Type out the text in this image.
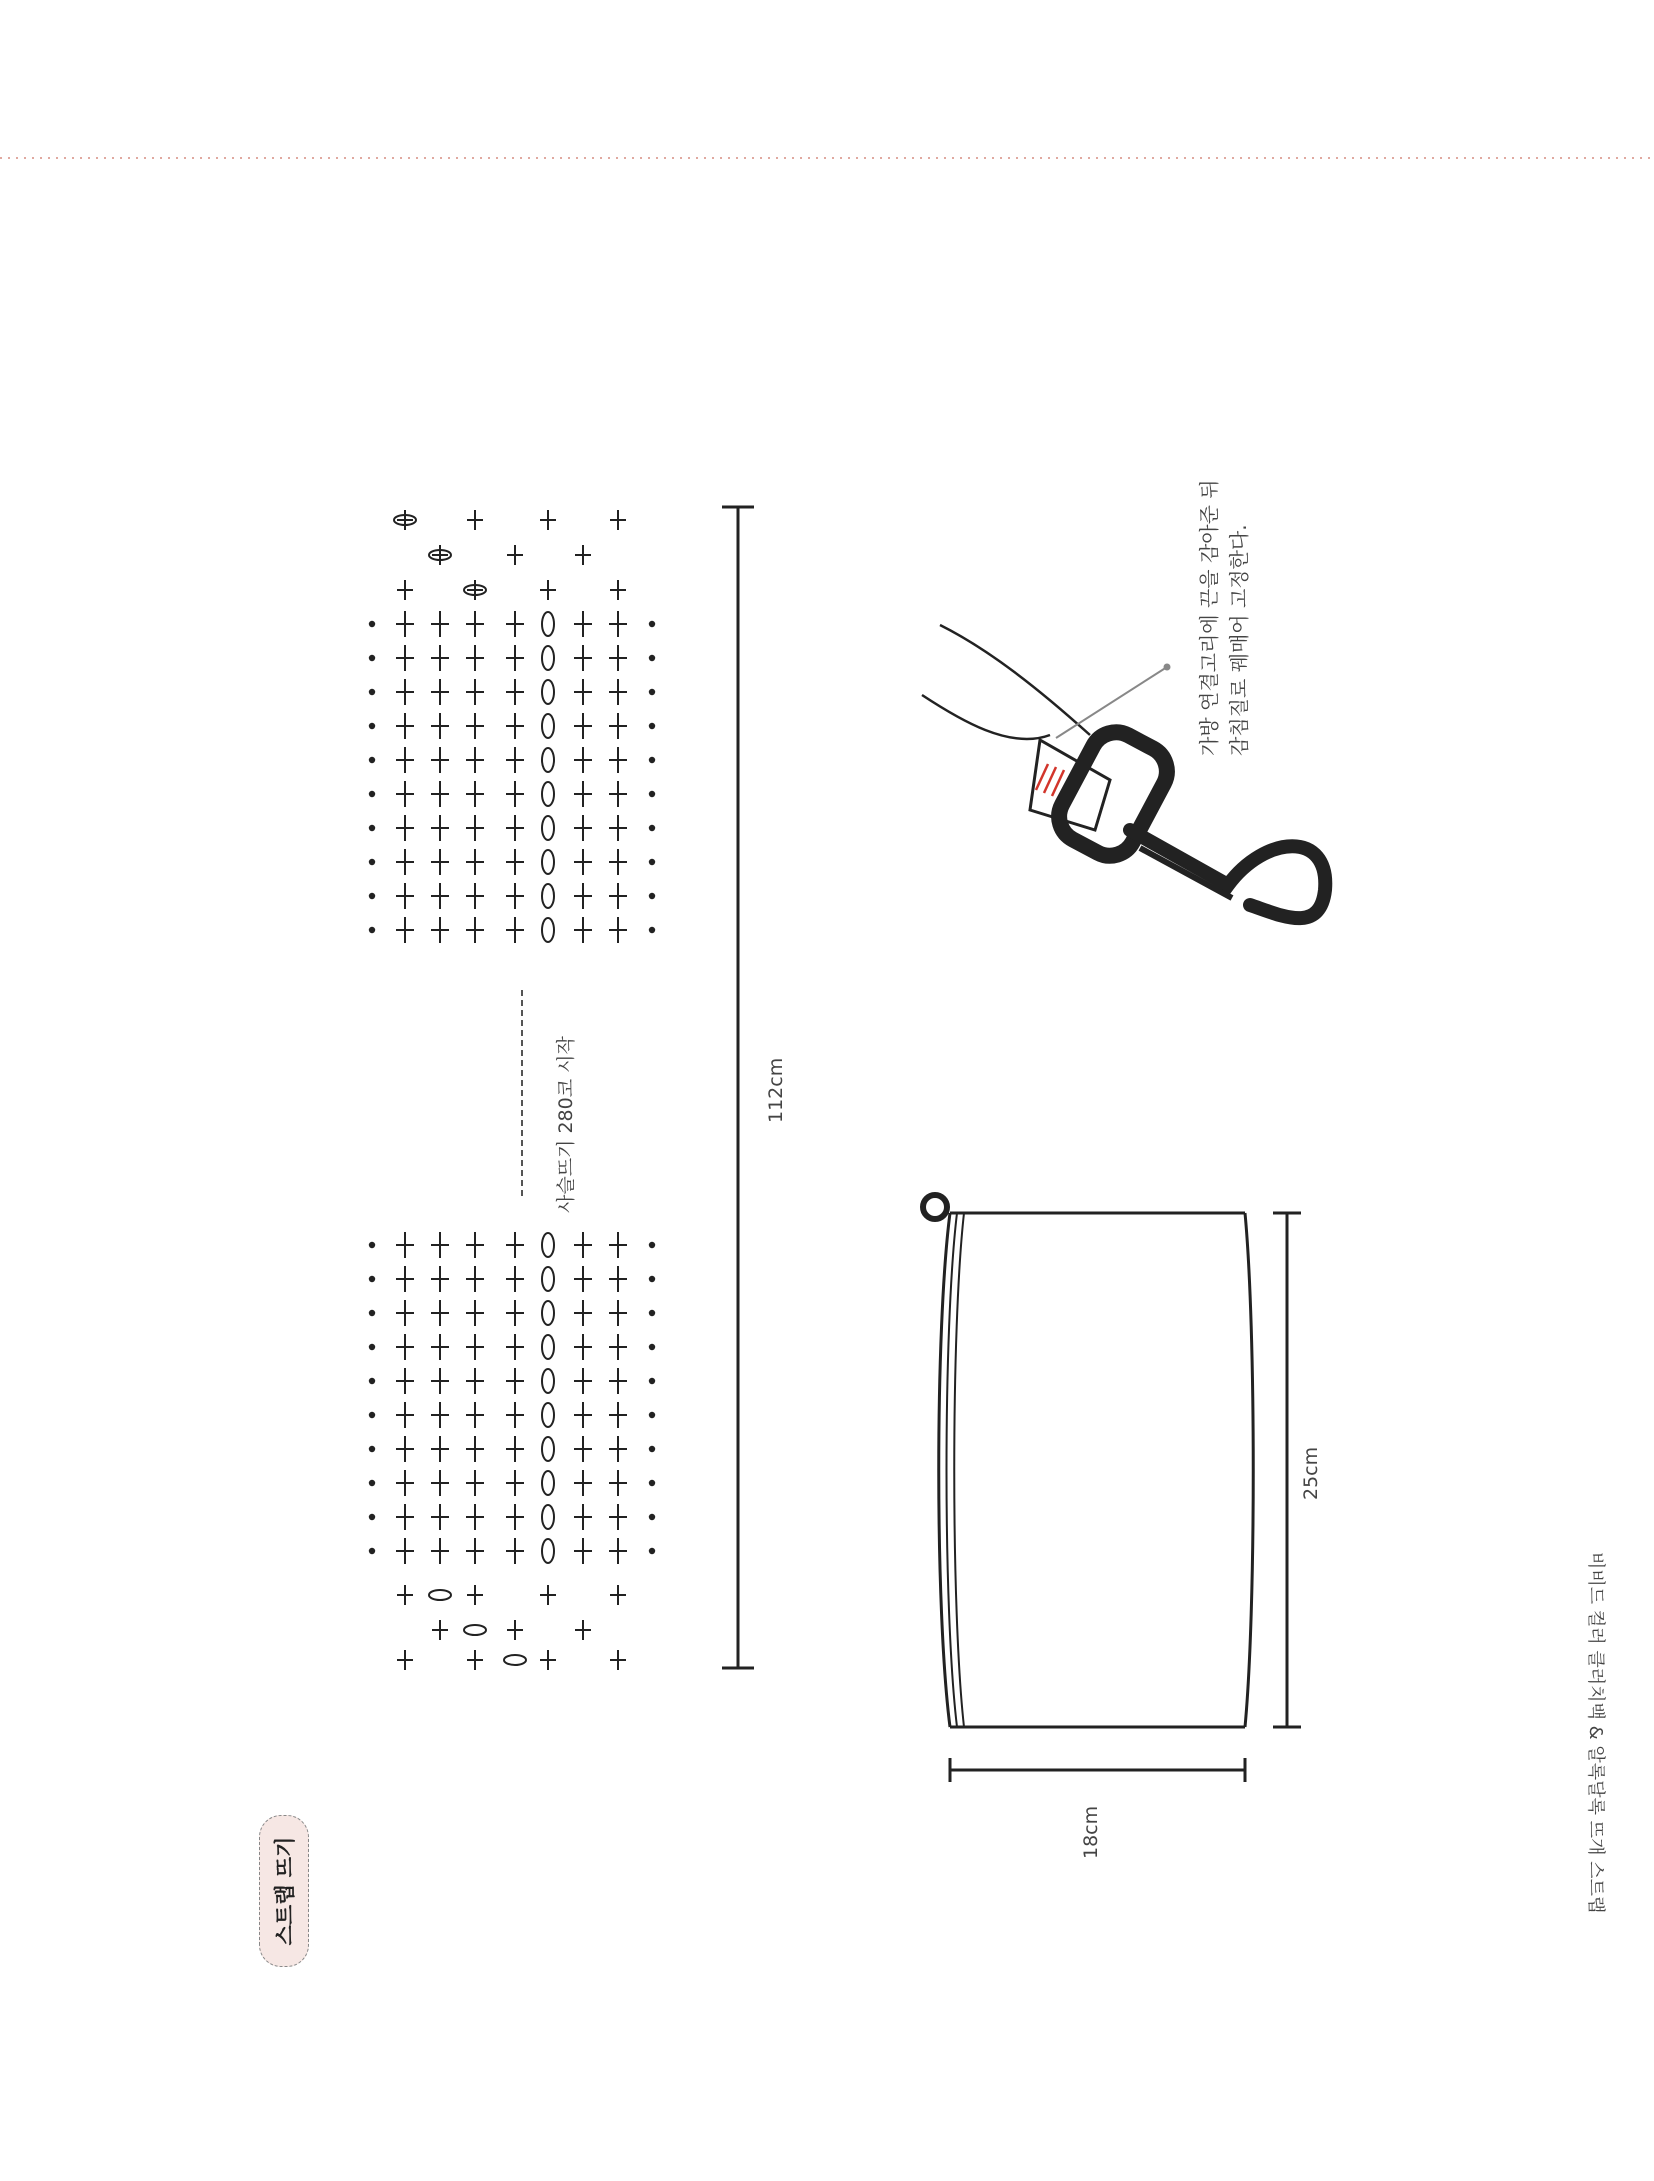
스트랩 뜨기
사슬뜨기 280코 시작	112cm
가방 연결고리에 끈을 감아준 뒤 감침질로 꿰매어 고정한다.
25cm
18cm	비비드 컬러 클러치백 & 알록달록 뜨개 스트랩
